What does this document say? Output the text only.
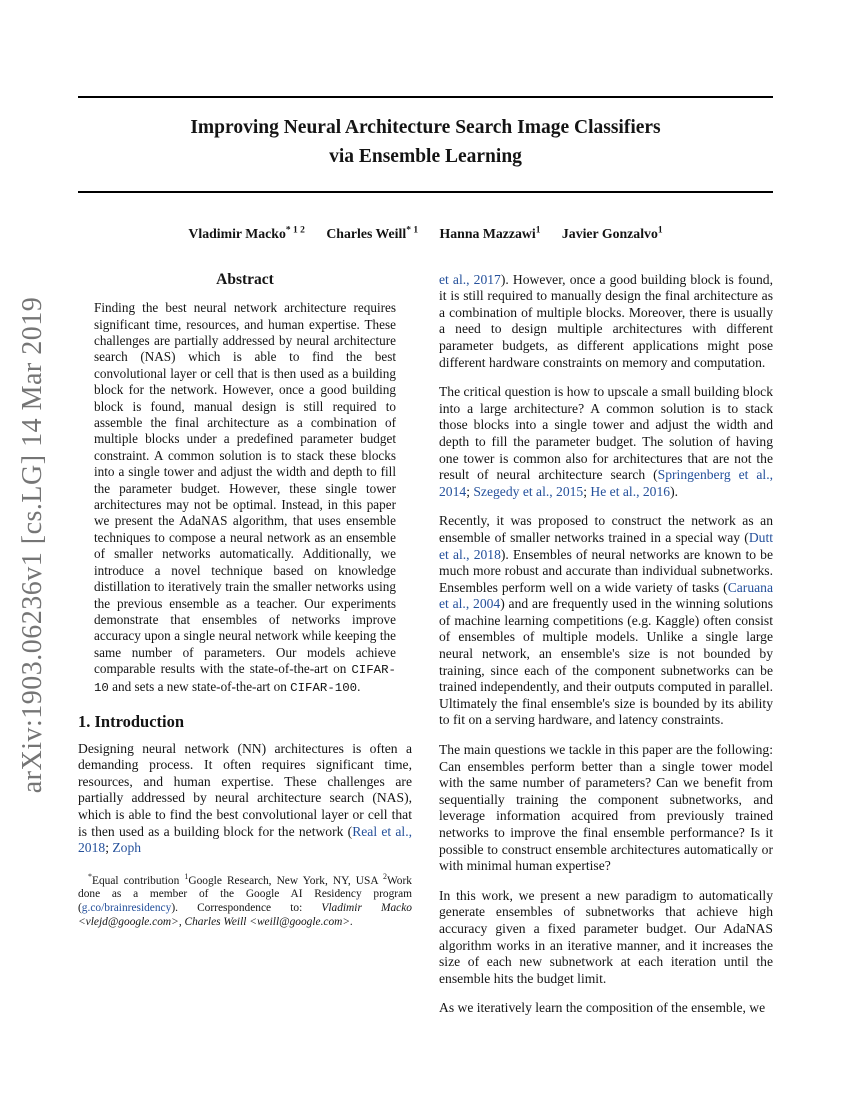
arXiv:1903.06236v1 [cs.LG] 14 Mar 2019
Improving Neural Architecture Search Image Classifiers
via Ensemble Learning
Vladimir Macko$^{* 1 2}$ Charles Weill$^{* 1}$ Hanna Mazzawi$^1$ Javier Gonzalvo$^1$
Abstract

Finding the best neural network architecture requires significant time, resources, and human expertise. These challenges are partially addressed by neural architecture search (NAS) which is able to find the best convolutional layer or cell that is then used as a building block for the network. However, once a good building block is found, manual design is still required to assemble the final architecture as a combination of multiple blocks under a predefined parameter budget constraint. A common solution is to stack these blocks into a single tower and adjust the width and depth to fill the parameter budget. However, these single tower architectures may not be optimal. Instead, in this paper we present the AdaNAS algorithm, that uses ensemble techniques to compose a neural network as an ensemble of smaller networks automatically. Additionally, we introduce a novel technique based on knowledge distillation to iteratively train the smaller networks using the previous ensemble as a teacher. Our experiments demonstrate that ensembles of networks improve accuracy upon a single neural network while keeping the same number of parameters. Our models achieve comparable results with the state-of-the-art on CIFAR-10 and sets a new state-of-the-art on CIFAR-100.

1. Introduction

Designing neural network (NN) architectures is often a demanding process. It often requires significant time, resources, and human expertise. These challenges are partially addressed by neural architecture search (NAS), which is able to find the best convolutional layer or cell that is then used as a building block for the network (Real et al., 2018; Zoph

*Equal contribution $^1$Google Research, New York, NY, USA $^2$Work done as a member of the Google AI Residency program (g.co/brainresidency). Correspondence to: Vladimir Macko <vlejd@google.com>, Charles Weill <weill@google.com>.

et al., 2017). However, once a good building block is found, it is still required to manually design the final architecture as a combination of multiple blocks. Moreover, there is usually a need to design multiple architectures with different parameter budgets, as different applications might pose different hardware constraints on memory and computation.

The critical question is how to upscale a small building block into a large architecture? A common solution is to stack those blocks into a single tower and adjust the width and depth to fill the parameter budget. The solution of having one tower is common also for architectures that are not the result of neural architecture search (Springenberg et al., 2014; Szegedy et al., 2015; He et al., 2016).

Recently, it was proposed to construct the network as an ensemble of smaller networks trained in a special way (Dutt et al., 2018). Ensembles of neural networks are known to be much more robust and accurate than individual subnetworks. Ensembles perform well on a wide variety of tasks (Caruana et al., 2004) and are frequently used in the winning solutions of machine learning competitions (e.g. Kaggle) often consist of ensembles of multiple models. Unlike a single large neural network, an ensemble's size is not bounded by training, since each of the component subnetworks can be trained independently, and their outputs computed in parallel. Ultimately the final ensemble's size is bounded by its ability to fit on a serving hardware, and latency constraints.

The main questions we tackle in this paper are the following: Can ensembles perform better than a single tower model with the same number of parameters? Can we benefit from sequentially training the component subnetworks, and leverage information acquired from previously trained networks to improve the final ensemble performance? Is it possible to construct ensemble architectures automatically or with minimal human expertise?

In this work, we present a new paradigm to automatically generate ensembles of subnetworks that achieve high accuracy given a fixed parameter budget. Our AdaNAS algorithm works in an iterative manner, and it increases the size of each new subnetwork at each iteration until the ensemble hits the budget limit.

As we iteratively learn the composition of the ensemble, we
